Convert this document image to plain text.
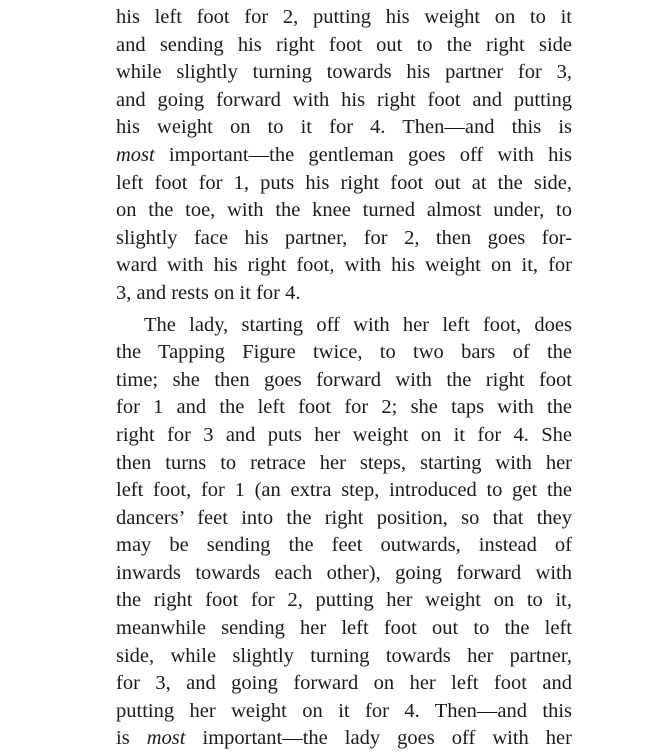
his left foot for 2, putting his weight on to it
and sending his right foot out to the right side
while slightly turning towards his partner for 3,
and going forward with his right foot and putting
his weight on to it for 4. Then—and this is
most important—the gentleman goes off with his
left foot for 1, puts his right foot out at the side,
on the toe, with the knee turned almost under, to
slightly face his partner, for 2, then goes for-
ward with his right foot, with his weight on it, for
3, and rests on it for 4.
The lady, starting off with her left foot, does
the Tapping Figure twice, to two bars of the
time; she then goes forward with the right foot
for 1 and the left foot for 2; she taps with the
right for 3 and puts her weight on it for 4. She
then turns to retrace her steps, starting with her
left foot, for 1 (an extra step, introduced to get the
dancers’ feet into the right position, so that they
may be sending the feet outwards, instead of
inwards towards each other), going forward with
the right foot for 2, putting her weight on to it,
meanwhile sending her left foot out to the left
side, while slightly turning towards her partner,
for 3, and going forward on her left foot and
putting her weight on it for 4. Then—and this
is most important—the lady goes off with her
